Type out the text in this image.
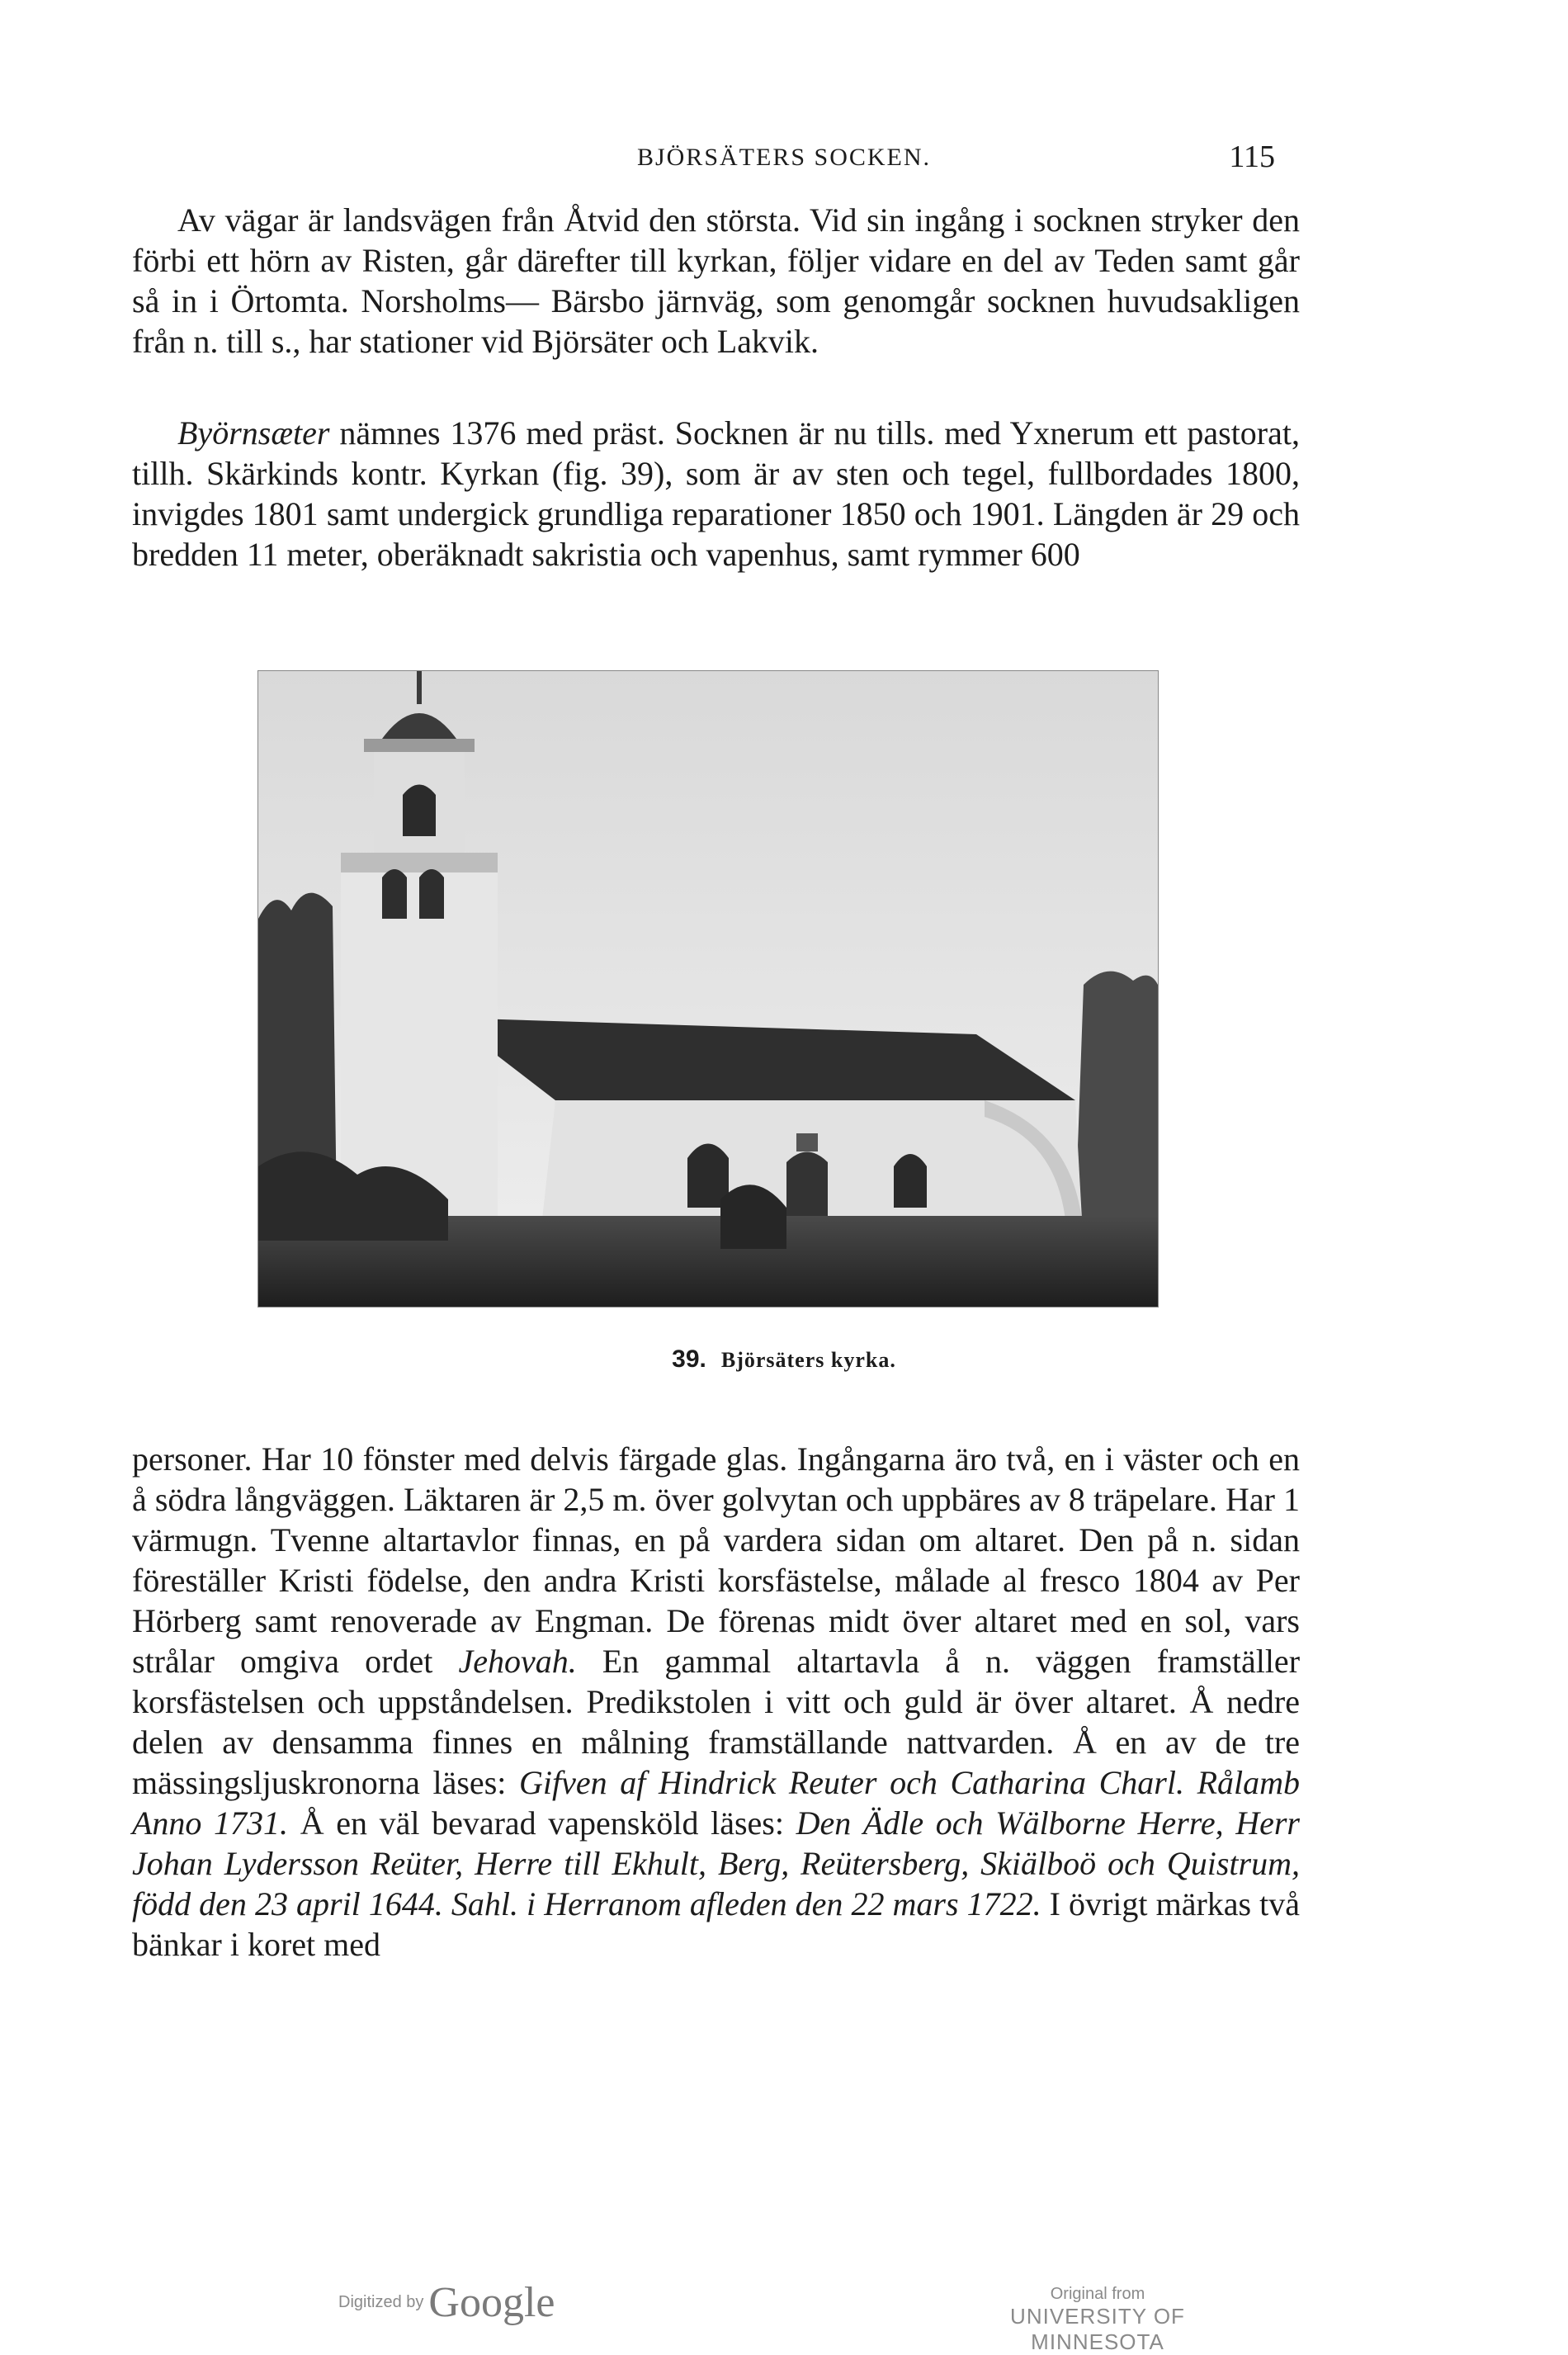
BJÖRSÄTERS SOCKEN.	115

Av vägar är landsvägen från Åtvid den största. Vid sin ingång i socknen stryker den förbi ett hörn av Risten, går därefter till kyrkan, följer vidare en del av Teden samt går så in i Örtomta. Norsholms— Bärsbo järnväg, som genomgår socknen huvudsakligen från n. till s., har stationer vid Björsäter och Lakvik.

Byörnsæter nämnes 1376 med präst. Socknen är nu tills. med Yxnerum ett pastorat, tillh. Skärkinds kontr. Kyrkan (fig. 39), som är av sten och tegel, fullbordades 1800, invigdes 1801 samt undergick grundliga reparationer 1850 och 1901. Längden är 29 och bredden 11 meter, oberäknadt sakristia och vapenhus, samt rymmer 600

39. Björsäters kyrka.

personer. Har 10 fönster med delvis färgade glas. Ingångarna äro två, en i väster och en å södra långväggen. Läktaren är 2,5 m. över golvytan och uppbäres av 8 träpelare. Har 1 värmugn. Tvenne altartavlor finnas, en på vardera sidan om altaret. Den på n. sidan föreställer Kristi födelse, den andra Kristi korsfästelse, målade al fresco 1804 av Per Hörberg samt renoverade av Engman. De förenas midt över altaret med en sol, vars strålar omgiva ordet Jehovah. En gammal altartavla å n. väggen framställer korsfästelsen och uppståndelsen. Predikstolen i vitt och guld är över altaret. Å nedre delen av densamma finnes en målning framställande nattvarden. Å en av de tre mässingsljuskronorna läses: Gifven af Hindrick Reuter och Catharina Charl. Rålamb Anno 1731. Å en väl bevarad vapensköld läses: Den Ädle och Wälborne Herre, Herr Johan Lydersson Reüter, Herre till Ekhult, Berg, Reütersberg, Skiälboö och Quistrum, född den 23 april 1644. Sahl. i Herranom afleden den 22 mars 1722. I övrigt märkas två bänkar i koret med

Digitized by Google	Original from
UNIVERSITY OF MINNESOTA
